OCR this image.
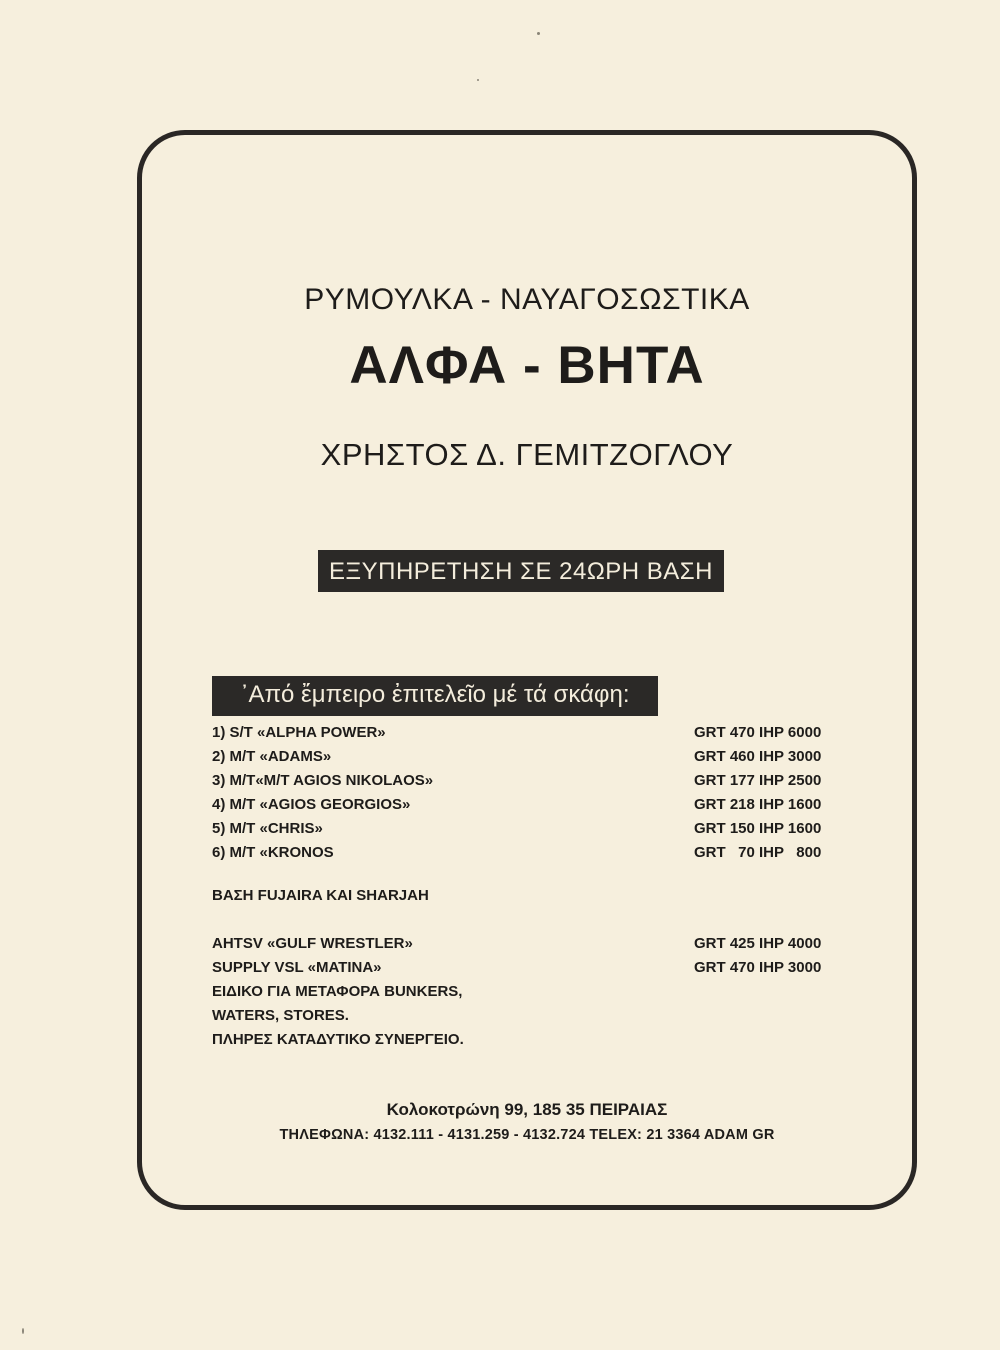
ΡΥΜΟΥΛΚΑ - ΝΑΥΑΓΟΣΩΣΤΙΚΑ
ΑΛΦΑ - ΒΗΤΑ
ΧΡΗΣΤΟΣ Δ. ΓΕΜΙΤΖΟΓΛΟΥ
ΕΞΥΠΗΡΕΤΗΣΗ ΣΕ 24ΩΡΗ ΒΑΣΗ
᾿Από ἔμπειρο ἐπιτελεῖο μέ τά σκάφη:
1) S/T «ALPHA POWER»	GRT 470 IHP 6000
2) M/T «ADAMS»	GRT 460 IHP 3000
3) M/T«M/T AGIOS NIKOLAOS»	GRT 177 IHP 2500
4) M/T «AGIOS GEORGIOS»	GRT 218 IHP 1600
5) M/T «CHRIS»	GRT 150 IHP 1600
6) M/T «KRONOS	GRT   70 IHP   800
ΒΑΣΗ FUJAIRA ΚΑΙ SHARJAH
AHTSV «GULF WRESTLER»	GRT 425 IHP 4000
SUPPLY VSL «MATINA»	GRT 470 IHP 3000
ΕΙΔΙΚΟ ΓΙΑ ΜΕΤΑΦΟΡΑ BUNKERS,
WATERS, STORES.
ΠΛΗΡΕΣ ΚΑΤΑΔΥΤΙΚΟ ΣΥΝΕΡΓΕΙΟ.
Κολοκοτρώνη 99, 185 35 ΠΕΙΡΑΙΑΣ
ΤΗΛΕΦΩΝΑ: 4132.111 - 4131.259 - 4132.724 TELEX: 21 3364 ADAM GR
